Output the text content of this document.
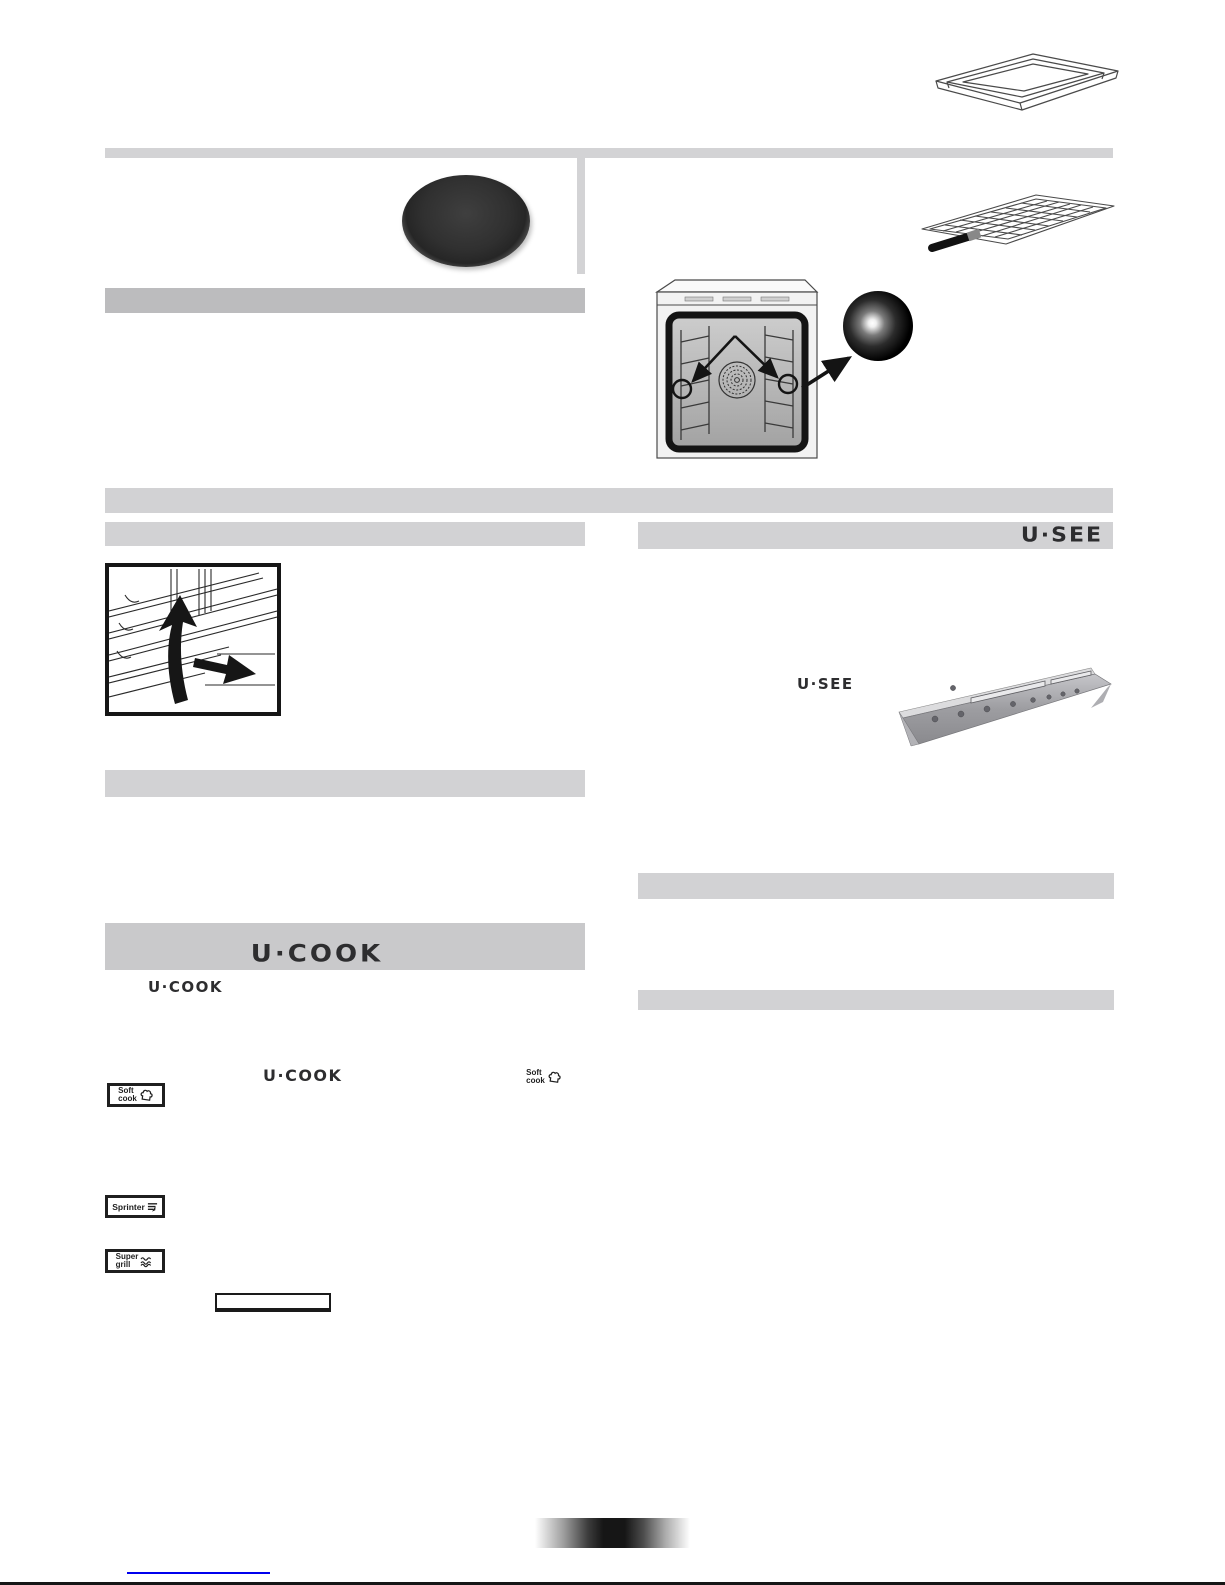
U·SEE
U·SEE
U·COOK
U·COOK
U·COOK
Soft
cook
Soft
cook
Sprinter
Super
grill
